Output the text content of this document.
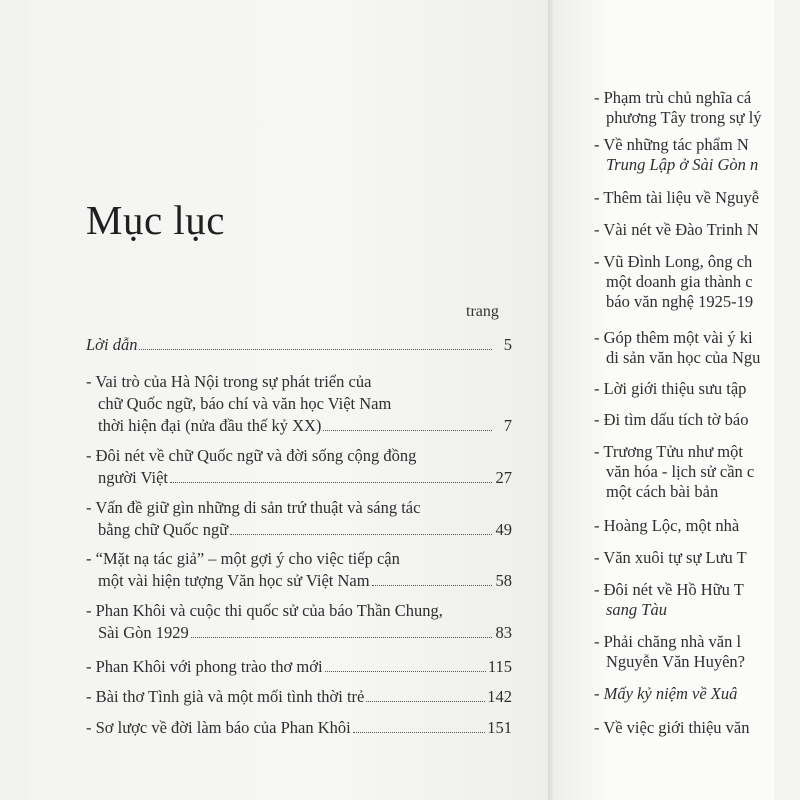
Mục lục
trang
Lời dẫn	5
- Vai trò của Hà Nội trong sự phát triển của
chữ Quốc ngữ, báo chí và văn học Việt Nam
thời hiện đại (nửa đầu thế kỷ XX)	7
- Đôi nét về chữ Quốc ngữ và đời sống cộng đồng
người Việt	27
- Vấn đề giữ gìn những di sản trứ thuật và sáng tác
bằng chữ Quốc ngữ	49
- “Mặt nạ tác giả” – một gợi ý cho việc tiếp cận
một vài hiện tượng Văn học sử Việt Nam	58
- Phan Khôi và cuộc thi quốc sử của báo Thần Chung,
Sài Gòn 1929	83
- Phan Khôi với phong trào thơ mới	115
- Bài thơ Tình già và một mối tình thời trẻ	142
- Sơ lược về đời làm báo của Phan Khôi	151
- Phạm trù chủ nghĩa cá
phương Tây trong sự lý
- Về những tác phẩm N
Trung Lập ở Sài Gòn n
- Thêm tài liệu về Nguyễ
- Vài nét về Đào Trinh N
- Vũ Đình Long, ông ch
một doanh gia thành c
báo văn nghệ 1925-19
- Góp thêm một vài ý ki
di sản văn học của Ngu
- Lời giới thiệu sưu tập
- Đi tìm dấu tích tờ báo
- Trương Tửu như một
văn hóa - lịch sử cần c
một cách bài bản
- Hoàng Lộc, một nhà
- Văn xuôi tự sự Lưu T
- Đôi nét về Hồ Hữu T
sang Tàu
- Phải chăng nhà văn l
Nguyễn Văn Huyên?
- Mấy kỷ niệm về Xuâ
- Về việc giới thiệu văn
